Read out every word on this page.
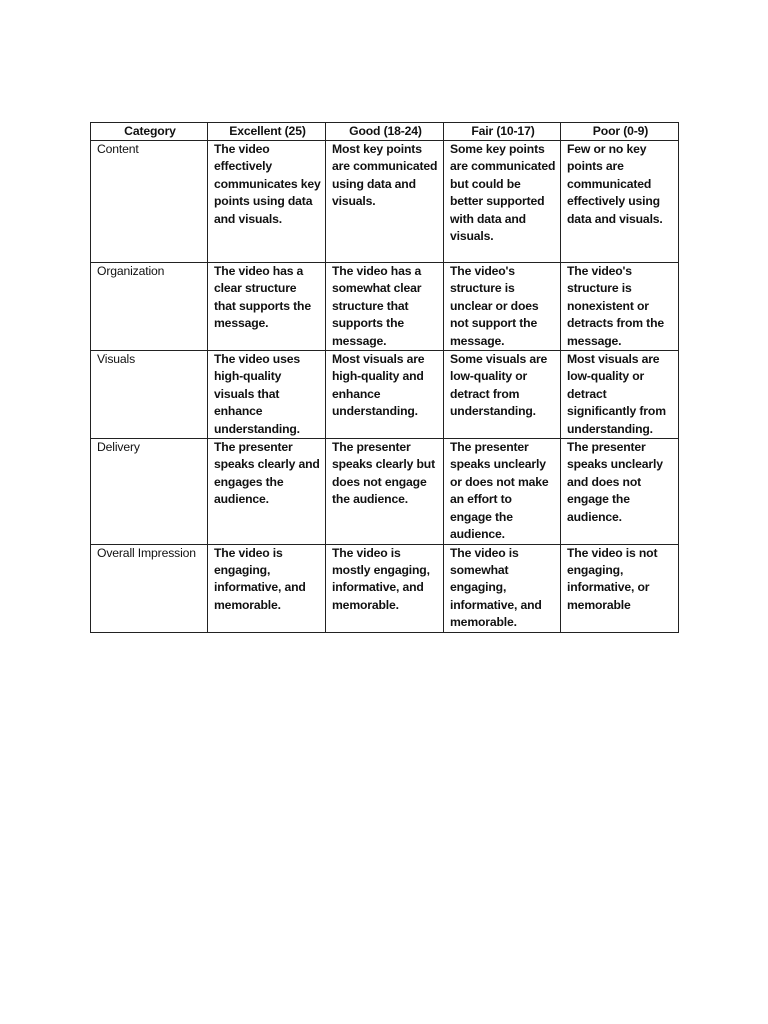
Category	Excellent (25)	Good (18-24)	Fair (10-17)	Poor (0-9)
Content	The video effectively communicates key points using data and visuals.	Most key points are communicated using data and visuals.	Some key points are communicated but could be better supported with data and visuals.	Few or no key points are communicated effectively using data and visuals.
Organization	The video has a clear structure that supports the message.	The video has a somewhat clear structure that supports the message.	The video's structure is unclear or does not support the message.	The video's structure is nonexistent or detracts from the message.
Visuals	The video uses high-quality visuals that enhance understanding.	Most visuals are high-quality and enhance understanding.	Some visuals are low-quality or detract from understanding.	Most visuals are low-quality or detract significantly from understanding.
Delivery	The presenter speaks clearly and engages the audience.	The presenter speaks clearly but does not engage the audience.	The presenter speaks unclearly or does not make an effort to engage the audience.	The presenter speaks unclearly and does not engage the audience.
Overall Impression	The video is engaging, informative, and memorable.	The video is mostly engaging, informative, and memorable.	The video is somewhat engaging, informative, and memorable.	The video is not engaging, informative, or memorable
